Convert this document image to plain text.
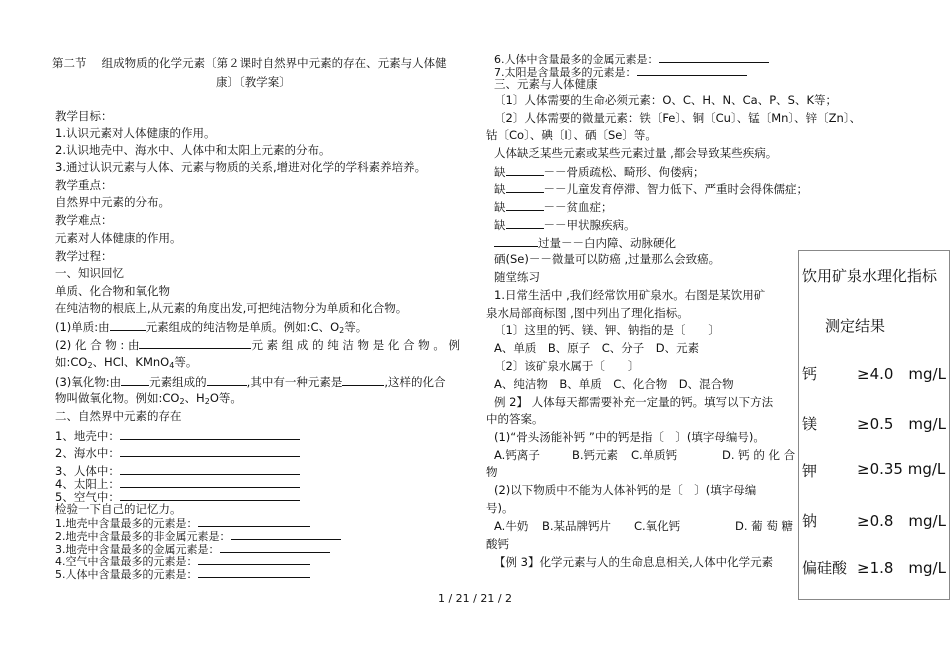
第二节　 组成物质的化学元素〔第２课时自然界中元素的存在、元素与人体健
康〕〔教学案〕
教学目标：
1.认识元素对人体健康的作用。
2.认识地壳中、海水中、人体中和太阳上元素的分布。
3.通过认识元素与人体、元素与物质的关系,增进对化学的学科素养培养。
教学重点：
自然界中元素的分布。
教学难点：
元素对人体健康的作用。
教学过程：
一、知识回忆
单质、化合物和氧化物
在纯洁物的根底上,从元素的角度出发,可把纯洁物分为单质和化合物。
(1)单质:由	元素组成的纯洁物是单质。例如:C、$O_2$等。
(2) 化 合 物 : 由	元 素 组 成 的 纯 洁 物 是 化 合 物 。 例
如$:CO_2$、HCl、KMnO$_4$等。
(3)氧化物:由 元素组成的	,其中有一种元素是	,这样的化合
物叫做氧化物。例如$:CO_2$、$H_2O$等。
二、自然界中元素的存在
1、地壳中：
2、海水中：
3、人体中：
4、太阳上：
5、空气中：
检验一下自己的记忆力。
1.地壳中含量最多的元素是：
2.地壳中含量最多的非金属元素是：
3.地壳中含量最多的金属元素是：
4.空气中含量最多的元素是：
5.人体中含量最多的元素是：
6.人体中含量最多的金属元素是：
7.太阳是含量最多的元素是：
三、元素与人体健康
〔1〕人体需要的生命必须元素：O、C、H、N、Ca、P、S、K等；
〔2〕人体需要的微量元素：铁〔Fe〕、铜〔Cu〕、锰〔Mn〕、锌〔Zn〕、
钴〔Co〕、碘〔I〕、硒〔Se〕等。
人体缺乏某些元素或某些元素过量 ,都会导致某些疾病。
缺	－－骨质疏松、畸形、佝偻病；
缺	－－儿童发育停滞、智力低下、严重时会得侏儒症；
缺	－－贫血症；
缺	－－甲状腺疾病。
过量－－白内障、动脉硬化
硒(Se)－－微量可以防癌 ,过量那么会致癌。
随堂练习
1.日常生活中 ,我们经常饮用矿泉水。右图是某饮用矿
泉水局部商标图 ,图中列出了理化指标。
〔1〕这里的钙、镁、钾、钠指的是〔　　〕
A、单质　B、原子　C、分子　D、元素
〔2〕该矿泉水属于〔　　〕
A、纯洁物　B、单质　C、化合物　D、混合物
例 2】 人体每天都需要补充一定量的钙。填写以下方法
中的答案。
(1)“骨头汤能补钙 ”中的钙是指〔　〕(填字母编号)。
A.钙离子	B.钙元素 C.单质钙	D. 钙 的 化 合
物
(2)以下物质中不能为人体补钙的是〔　〕(填字母编
号)。
A.牛奶 B.某品牌钙片 C.氧化钙	D. 葡 萄 糖
酸钙
【例 3】化学元素与人的生命息息相关,人体中化学元素
饮用矿泉水理化指标
测定结果
钙	≥4.0　mg/L
镁	≥0.5　mg/L
钾	≥0.35 mg/L
钠	≥0.8　mg/L
偏硅酸 ≥1.8　mg/L
1 / 21 / 21 / 2
